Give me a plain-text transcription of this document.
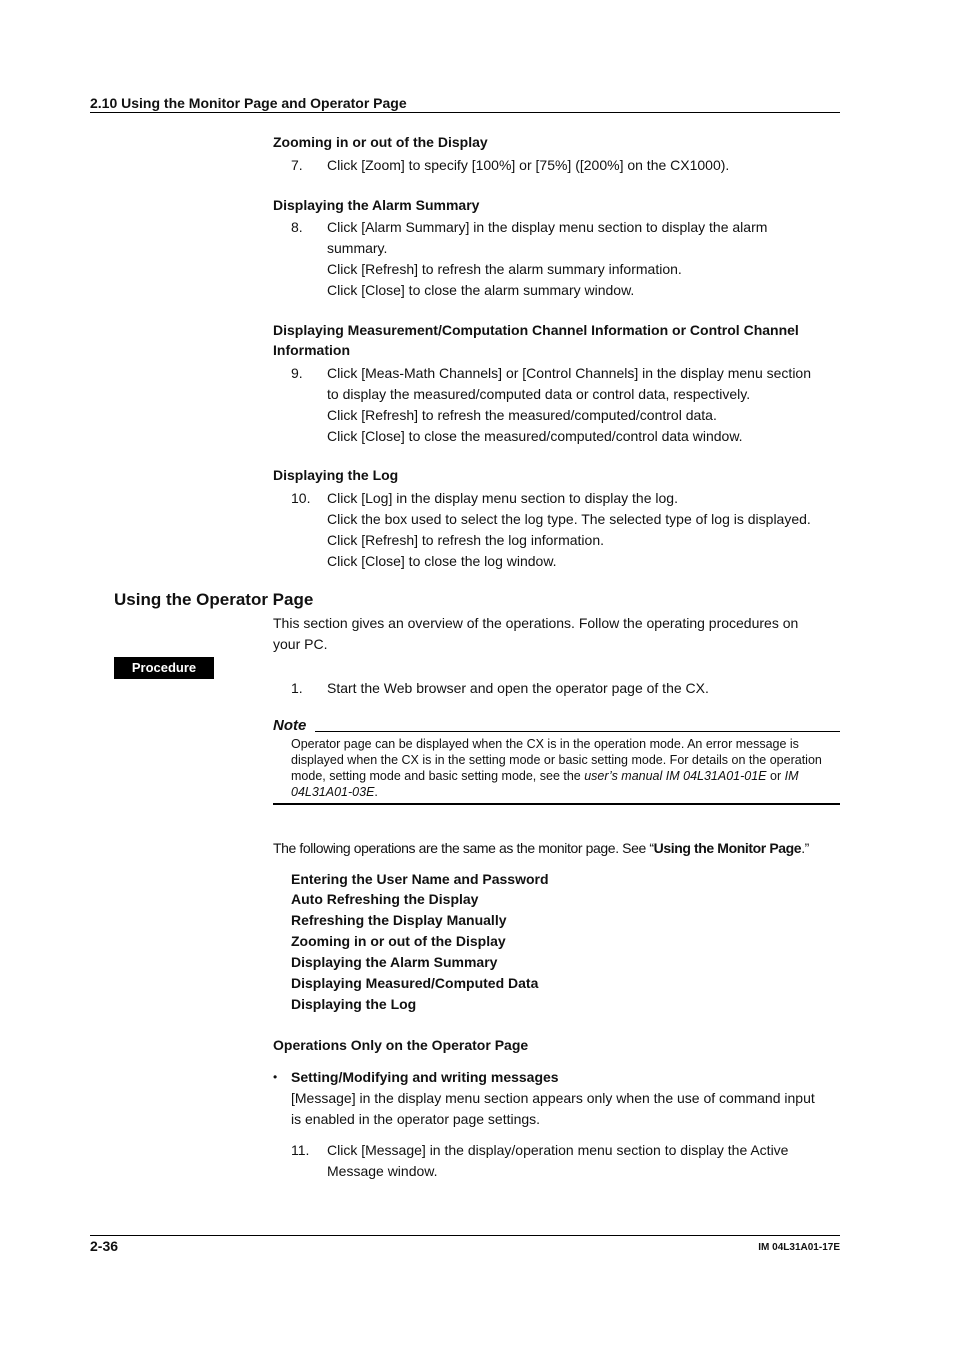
2.10 Using the Monitor Page and Operator Page
Zooming in or out of the Display
7. Click [Zoom] to specify [100%] or [75%] ([200%] on the CX1000).
Displaying the Alarm Summary
8. Click [Alarm Summary] in the display menu section to display the alarm
summary.
Click [Refresh] to refresh the alarm summary information.
Click [Close] to close the alarm summary window.
Displaying Measurement/Computation Channel Information or Control Channel
Information
9. Click [Meas-Math Channels] or [Control Channels] in the display menu section
to display the measured/computed data or control data, respectively.
Click [Refresh] to refresh the measured/computed/control data.
Click [Close] to close the measured/computed/control data window.
Displaying the Log
10. Click [Log] in the display menu section to display the log.
Click the box used to select the log type. The selected type of log is displayed.
Click [Refresh] to refresh the log information.
Click [Close] to close the log window.
Using the Operator Page
This section gives an overview of the operations. Follow the operating procedures on
your PC.
Procedure
1. Start the Web browser and open the operator page of the CX.
Note
Operator page can be displayed when the CX is in the operation mode. An error message is
displayed when the CX is in the setting mode or basic setting mode. For details on the operation
mode, setting mode and basic setting mode, see the user’s manual IM 04L31A01-01E or IM
04L31A01-03E.
The following operations are the same as the monitor page. See “Using the Monitor Page.”
Entering the User Name and Password
Auto Refreshing the Display
Refreshing the Display Manually
Zooming in or out of the Display
Displaying the Alarm Summary
Displaying Measured/Computed Data
Displaying the Log
Operations Only on the Operator Page
• Setting/Modifying and writing messages
[Message] in the display menu section appears only when the use of command input
is enabled in the operator page settings.
11. Click [Message] in the display/operation menu section to display the Active
Message window.
2-36	IM 04L31A01-17E
